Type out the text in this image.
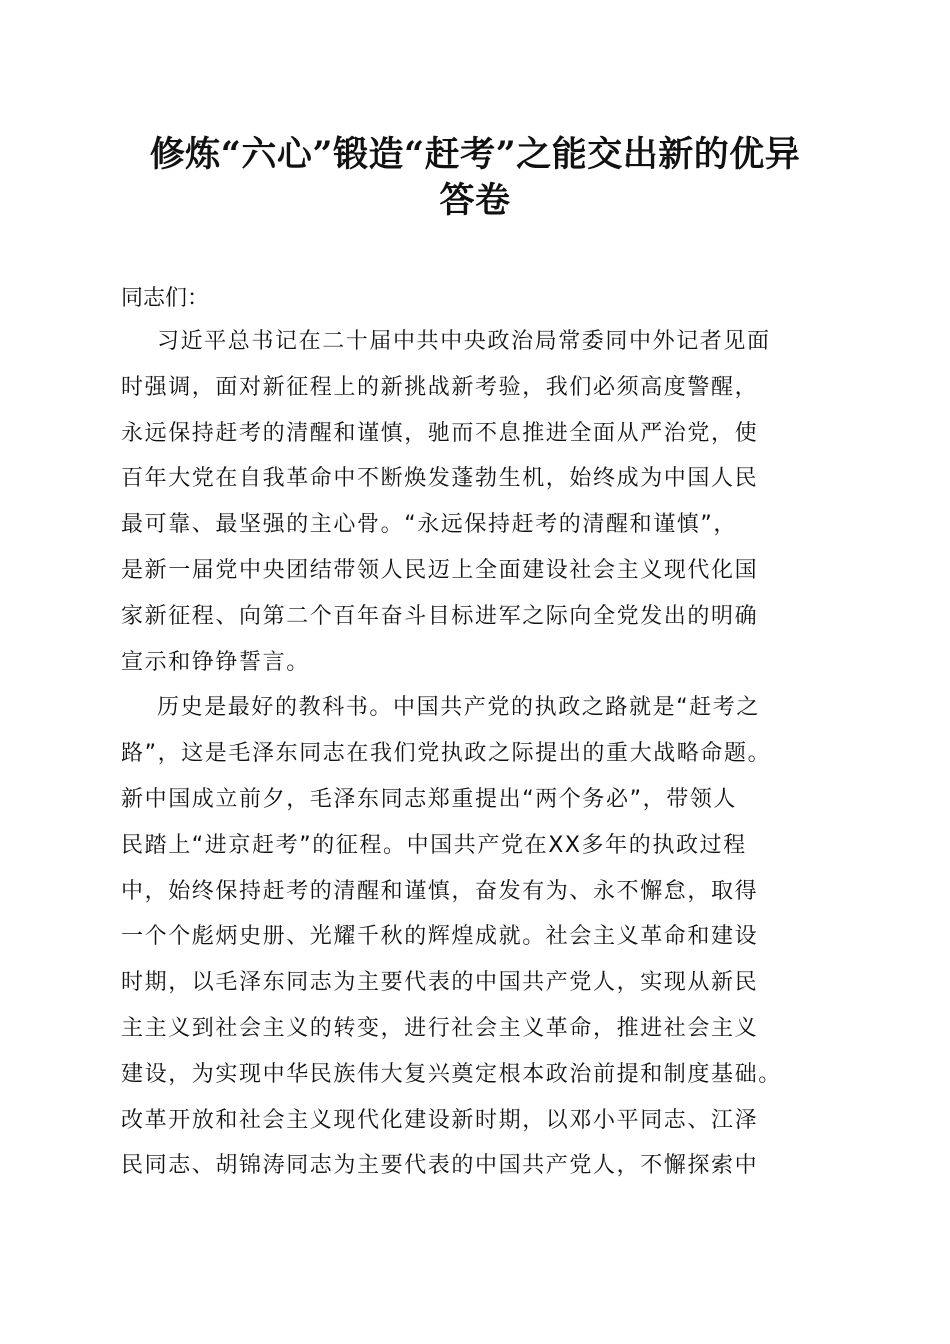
修炼“六心”锻造“赶考”之能交出新的优异
答卷

同志们：

习近平总书记在二十届中共中央政治局常委同中外记者见面
时强调，面对新征程上的新挑战新考验，我们必须高度警醒，
永远保持赶考的清醒和谨慎，驰而不息推进全面从严治党，使
百年大党在自我革命中不断焕发蓬勃生机，始终成为中国人民
最可靠、最坚强的主心骨。“永远保持赶考的清醒和谨慎”，
是新一届党中央团结带领人民迈上全面建设社会主义现代化国
家新征程、向第二个百年奋斗目标进军之际向全党发出的明确
宣示和铮铮誓言。
历史是最好的教科书。中国共产党的执政之路就是“赶考之
路”，这是毛泽东同志在我们党执政之际提出的重大战略命题。
新中国成立前夕，毛泽东同志郑重提出“两个务必”，带领人
民踏上“进京赶考”的征程。中国共产党在XX多年的执政过程
中，始终保持赶考的清醒和谨慎，奋发有为、永不懈怠，取得
一个个彪炳史册、光耀千秋的辉煌成就。社会主义革命和建设
时期，以毛泽东同志为主要代表的中国共产党人，实现从新民
主主义到社会主义的转变，进行社会主义革命，推进社会主义
建设，为实现中华民族伟大复兴奠定根本政治前提和制度基础。
改革开放和社会主义现代化建设新时期，以邓小平同志、江泽
民同志、胡锦涛同志为主要代表的中国共产党人，不懈探索中
